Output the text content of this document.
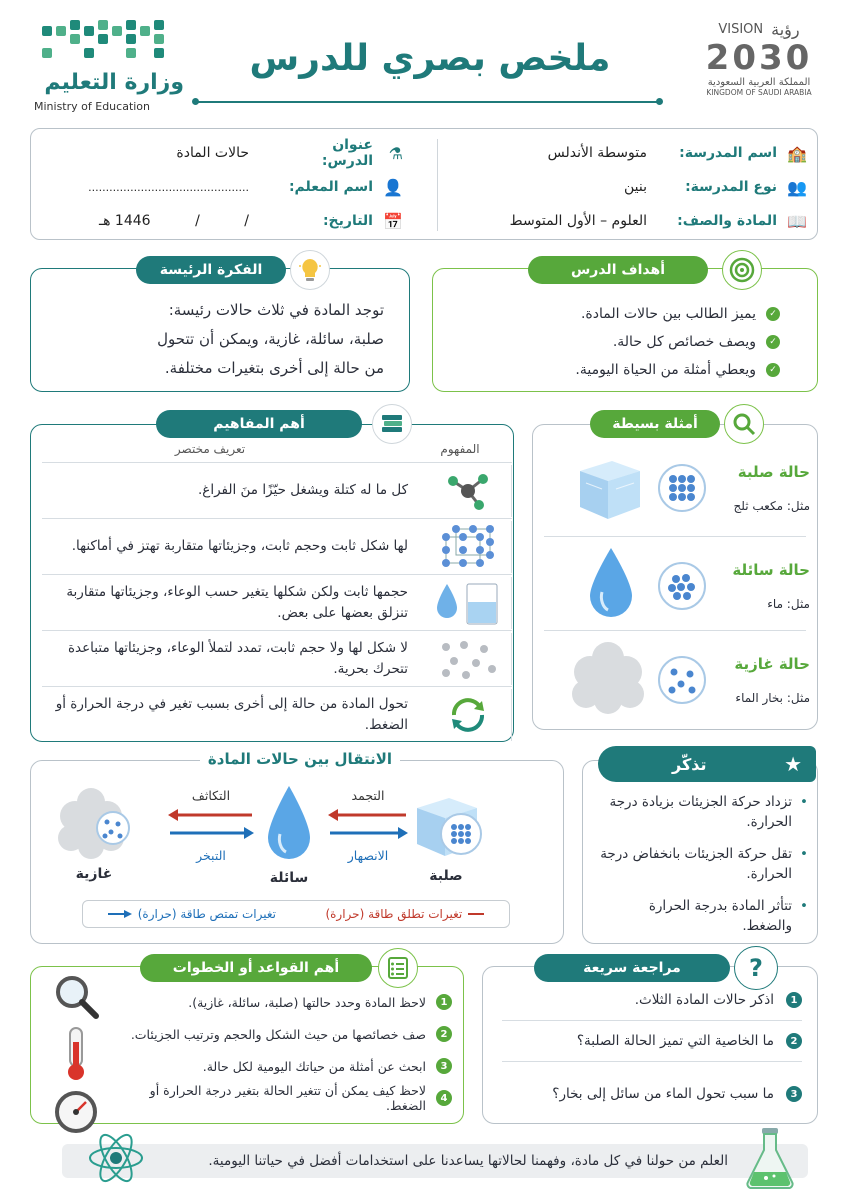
وزارة التعليم
Ministry of Education
ملخص بصري للدرس
VISION رؤية
2030
المملكة العربية السعودية
KINGDOM OF SAUDI ARABIA
🏫
اسم المدرسة:
متوسطة الأندلس
👥
نوع المدرسة:
بنين
📖
المادة والصف:
العلوم – الأول المتوسط
⚗
عنوان الدرس:
حالات المادة
👤
اسم المعلم:
..............................................
📅
التاريخ:
/          /          1446 هـ
أهداف الدرس
✓
يميز الطالب بين حالات المادة.
✓
ويصف خصائص كل حالة.
✓
ويعطي أمثلة من الحياة اليومية.
الفكرة الرئيسة
توجد المادة في ثلاث حالات رئيسة:
صلبة، سائلة، غازية، ويمكن أن تتحول
من حالة إلى أخرى بتغيرات مختلفة.
أهم المفاهيم
المفهوم
تعريف مختصر
كل ما له كتلة ويشغل حيّزًا منَ الفراغ.
لها شكل ثابت وحجم ثابت، وجزيئاتها متقاربة تهتز في أماكنها.
حجمها ثابت ولكن شكلها يتغير حسب الوعاء، وجزيئاتها متقاربة تنزلق بعضها على بعض.
لا شكل لها ولا حجم ثابت، تمدد لتملأ الوعاء، وجزيئاتها متباعدة تتحرك بحرية.
تحول المادة من حالة إلى أخرى بسبب تغير في درجة الحرارة أو الضغط.
أمثلة بسيطة
حالة صلبة
مثل: مكعب ثلج
حالة سائلة
مثل: ماء
حالة غازية
مثل: بخار الماء
الانتقال بين حالات المادة
صلبة
سائلة
غازية
التجمد
الانصهار
التكاثف
التبخر
تغيرات تطلق طاقة (حرارة)
تغيرات تمتص طاقة (حرارة)
★
تذكّر
•
تزداد حركة الجزيئات بزيادة درجة الحرارة.
•
تقل حركة الجزيئات بانخفاض درجة الحرارة.
•
تتأثر المادة بدرجة الحرارة والضغط.
أهم القواعد أو الخطوات

1
لاحظ المادة وحدد حالتها (صلبة، سائلة، غازية).
2
صف خصائصها من حيث الشكل والحجم وترتيب الجزيئات.
3
ابحث عن أمثلة من حياتك اليومية لكل حالة.
4
لاحظ كيف يمكن أن تتغير الحالة بتغير درجة الحرارة أو الضغط.
مراجعة سريعة	?
1
اذكر حالات المادة الثلاث.
2
ما الخاصية التي تميز الحالة الصلبة؟
3
ما سبب تحول الماء من سائل إلى بخار؟
العلم من حولنا في كل مادة، وفهمنا لحالاتها يساعدنا على استخدامات أفضل في حياتنا اليومية.
